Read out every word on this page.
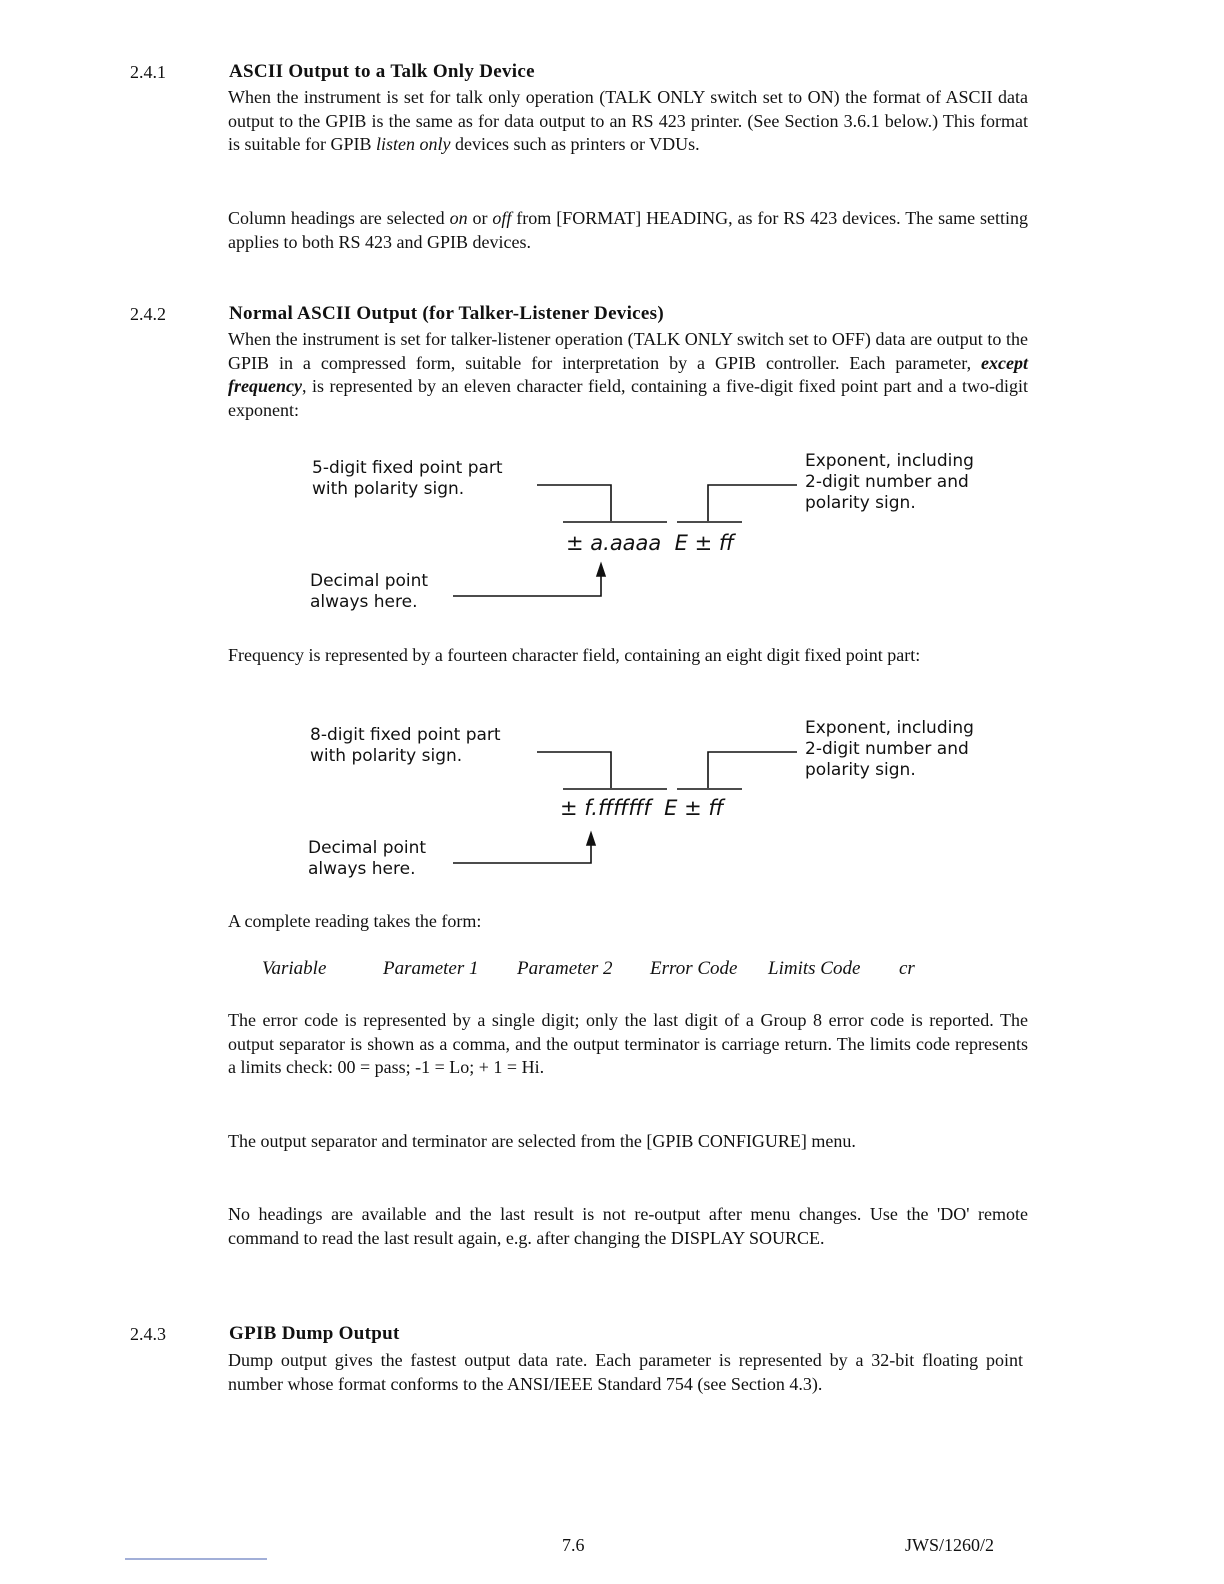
2.4.1	ASCII Output to a Talk Only Device
When the instrument is set for talk only operation (TALK ONLY switch set to ON) the format of ASCII data output to the GPIB is the same as for data output to an RS 423 printer. (See Section 3.6.1 below.) This format is suitable for GPIB listen only devices such as printers or VDUs.
Column headings are selected on or off from [FORMAT] HEADING, as for RS 423 devices. The same setting applies to both RS 423 and GPIB devices.
2.4.2	Normal ASCII Output (for Talker-Listener Devices)
When the instrument is set for talker-listener operation (TALK ONLY switch set to OFF) data are output to the GPIB in a compressed form, suitable for interpretation by a GPIB controller. Each parameter, except frequency, is represented by an eleven character field, containing a five-digit fixed point part and a two-digit exponent:
5-digit fixed point part
with polarity sign.
Exponent, including
2-digit number and
polarity sign.
± a.aaaa  E ± ff
Decimal point
always here.
8-digit fixed point part
with polarity sign.
Exponent, including
2-digit number and
polarity sign.
± f.fffffff  E ± ff
Decimal point
always here.
Frequency is represented by a fourteen character field, containing an eight digit fixed point part:
A complete reading takes the form:
Variable	Parameter 1 Parameter 2 Error Code Limits Code cr
The error code is represented by a single digit; only the last digit of a Group 8 error code is reported. The output separator is shown as a comma, and the output terminator is carriage return. The limits code represents a limits check: 00 = pass; -1 = Lo; + 1 = Hi.
The output separator and terminator are selected from the [GPIB CONFIGURE] menu.
No headings are available and the last result is not re-output after menu changes. Use the 'DO' remote command to read the last result again, e.g. after changing the DISPLAY SOURCE.
2.4.3	GPIB Dump Output
Dump output gives the fastest output data rate. Each parameter is represented by a 32-bit floating point number whose format conforms to the ANSI/IEEE Standard 754 (see Section 4.3).
7.6	JWS/1260/2
